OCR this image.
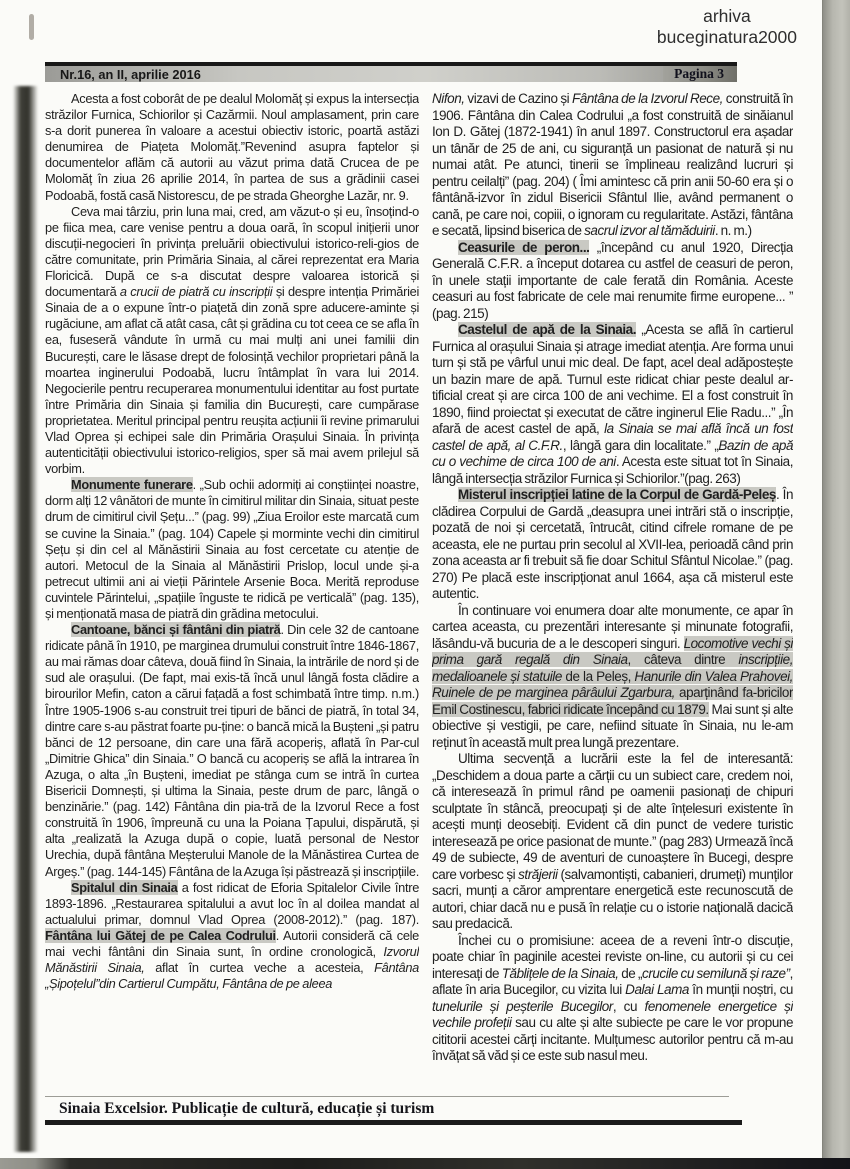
arhiva
buceginatura2000
Nr.16, an II, aprilie 2016	Pagina 3

Acesta a fost coborât de pe dealul Molomăț și expus la intersecția străzilor Furnica, Schiorilor și Cazărmii. Noul amplasament, prin care s-a dorit punerea în valoare a acestui obiectiv istoric, poartă astăzi denumirea de Piațeta Molomăț.”Revenind asupra faptelor și documentelor aflăm că autorii au văzut prima dată Crucea de pe Molomăț în ziua 26 aprilie 2014, în partea de sus a grădinii casei Podoabă, fostă casă Nistorescu, de pe strada Gheorghe Lazăr, nr. 9.

Ceva mai târziu, prin luna mai, cred, am văzut-o și eu, însoțind-o pe fiica mea, care venise pentru a doua oară, în scopul inițierii unor discuții-negocieri în privința preluării obiectivului istorico-reli-gios de către comunitate, prin Primăria Sinaia, al cărei reprezentat era Maria Floricică. După ce s-a discutat despre valoarea istorică și documentară a crucii de piatră cu inscripții și despre intenția Primăriei Sinaia de a o expune într-o piațetă din zonă spre aducere-aminte și rugăciune, am aflat că atât casa, cât și grădina cu tot ceea ce se afla în ea, fuseseră vândute în urmă cu mai mulți ani unei familii din București, care le lăsase drept de folosință vechilor proprietari până la moartea inginerului Podoabă, lucru întâmplat în vara lui 2014. Negocierile pentru recuperarea monumentului identitar au fost purtate între Primăria din Sinaia și familia din București, care cumpărase proprietatea. Meritul principal pentru reușita acțiunii îi revine primarului Vlad Oprea și echipei sale din Primăria Orașului Sinaia. În privința autenticității obiectivului istorico-religios, sper să mai avem prilejul să vorbim.

Monumente funerare. „Sub ochii adormiți ai conștiinței noastre, dorm alți 12 vânători de munte în cimitirul militar din Sinaia, situat peste drum de cimitirul civil Șețu...” (pag. 99) „Ziua Eroilor este marcată cum se cuvine la Sinaia.” (pag. 104) Capele și morminte vechi din cimitirul Șețu și din cel al Mănăstirii Sinaia au fost cercetate cu atenție de autori. Metocul de la Sinaia al Mănăstirii Prislop, locul unde și-a petrecut ultimii ani ai vieții Părintele Arsenie Boca. Merită reproduse cuvintele Părintelui, „spațiile înguste te ridică pe verticală” (pag. 135), și menționată masa de piatră din grădina metocului.

Cantoane, bănci și fântâni din piatră. Din cele 32 de cantoane ridicate până în 1910, pe marginea drumului construit între 1846-1867, au mai rămas doar câteva, două fiind în Sinaia, la intrările de nord și de sud ale orașului. (De fapt, mai exis-tă încă unul lângă fosta clădire a birourilor Mefin, caton a cărui fațadă a fost schimbată între timp. n.m.) Între 1905-1906 s-au construit trei tipuri de bănci de piatră, în total 34, dintre care s-au păstrat foarte pu-ține: o bancă mică la Bușteni „și patru bănci de 12 persoane, din care una fără acoperiș, aflată în Par-cul „Dimitrie Ghica” din Sinaia.” O bancă cu acoperiș se află la intrarea în Azuga, o alta „în Bușteni, imediat pe stânga cum se intră în curtea Bisericii Domnești, și ultima la Sinaia, peste drum de parc, lângă o benzinărie.” (pag. 142) Fântâna din pia-tră de la Izvorul Rece a fost construită în 1906, împreună cu una la Poiana Țapului, dispărută, și alta „realizată la Azuga după o copie, luată personal de Nestor Urechia, după fântâna Meșterului Manole de la Mănăstirea Curtea de Argeș.” (pag. 144-145) Fântâna de la Azuga își păstrează și inscripțiile.

Spitalul din Sinaia a fost ridicat de Eforia Spitalelor Civile între 1893-1896. „Restaurarea spitalului a avut loc în al doilea mandat al actualului primar, domnul Vlad Oprea (2008-2012).” (pag. 187). Fântâna lui Gătej de pe Calea Codrului. Autorii consideră că cele mai vechi fântâni din Sinaia sunt, în ordine cronologică, Izvorul Mănăstirii Sinaia, aflat în curtea veche a acesteia, Fântâna „Șipoțelul”din Cartierul Cumpătu, Fântâna de pe aleea

Nifon, vizavi de Cazino și Fântâna de la Izvorul Rece, construită în 1906. Fântâna din Calea Codrului „a fost construită de sinăianul Ion D. Gătej (1872-1941) în anul 1897. Constructorul era așadar un tânăr de 25 de ani, cu siguranță un pasionat de natură și nu numai atât. Pe atunci, tinerii se împlineau realizând lucruri și pentru ceilalți” (pag. 204) ( Îmi amintesc că prin anii 50-60 era și o fântână-izvor în zidul Bisericii Sfântul Ilie, având permanent o cană, pe care noi, copiii, o ignoram cu regularitate. Astăzi, fântâna e secată, lipsind biserica de sacrul izvor al tămăduirii. n. m.)

Ceasurile de peron... „începând cu anul 1920, Direcția Generală C.F.R. a început dotarea cu astfel de ceasuri de peron, în unele stații importante de cale ferată din România. Aceste ceasuri au fost fabricate de cele mai renumite firme europene... ” (pag. 215)

Castelul de apă de la Sinaia. „Acesta se află în cartierul Furnica al orașului Sinaia și atrage imediat atenția. Are forma unui turn și stă pe vârful unui mic deal. De fapt, acel deal adăpostește un bazin mare de apă. Turnul este ridicat chiar peste dealul ar-tificial creat și are circa 100 de ani vechime. El a fost construit în 1890, fiind proiectat și executat de către inginerul Elie Radu...” „În afară de acest castel de apă, la Sinaia se mai află încă un fost castel de apă, al C.F.R., lângă gara din localitate.” „Bazin de apă cu o vechime de circa 100 de ani. Acesta este situat tot în Sinaia, lângă intersecția străzilor Furnica și Schiorilor.”(pag. 263)

Misterul inscripției latine de la Corpul de Gardă-Peleș. În clădirea Corpului de Gardă „deasupra unei intrări stă o inscripție, pozată de noi și cercetată, întrucât, citind cifrele romane de pe aceasta, ele ne purtau prin secolul al XVII-lea, perioadă când prin zona aceasta ar fi trebuit să fie doar Schitul Sfântul Nicolae.” (pag. 270) Pe placă este inscripționat anul 1664, așa că misterul este autentic.

În continuare voi enumera doar alte monumente, ce apar în cartea aceasta, cu prezentări interesante și minunate fotografii, lăsându-vă bucuria de a le descoperi singuri. Locomotive vechi și prima gară regală din Sinaia, câteva dintre inscripțiie, medalioanele și statuile de la Peleș, Hanurile din Valea Prahovei, Ruinele de pe marginea pârâului Zgarbura, aparținând fa-bricilor Emil Costinescu, fabrici ridicate începând cu 1879. Mai sunt și alte obiective și vestigii, pe care, nefiind situate în Sinaia, nu le-am reținut în această mult prea lungă prezentare.

Ultima secvență a lucrării este la fel de interesantă: „Deschidem a doua parte a cărții cu un subiect care, credem noi, că interesează în primul rând pe oamenii pasionați de chipuri sculptate în stâncă, preocupați și de alte înțelesuri existente în acești munți deosebiți. Evident că din punct de vedere turistic interesează pe orice pasionat de munte.” (pag 283) Urmează încă 49 de subiecte, 49 de aventuri de cunoaștere în Bucegi, despre care vorbesc și străjerii (salvamontiști, cabanieri, drumeți) munților sacri, munți a căror amprentare energetică este recunoscută de autori, chiar dacă nu e pusă în relație cu o istorie națională dacică sau predacică.

Închei cu o promisiune: aceea de a reveni într-o discuție, poate chiar în paginile acestei reviste on-line, cu autorii și cu cei interesați de Tăblițele de la Sinaia, de „crucile cu semilună și raze”, aflate în aria Bucegilor, cu vizita lui Dalai Lama în munții noștri, cu tunelurile și peșterile Bucegilor, cu fenomenele energetice și vechile profeții sau cu alte și alte subiecte pe care le vor propune cititorii acestei cărți incitante. Mulțumesc autorilor pentru că m-au învățat să văd și ce este sub nasul meu.

Sinaia Excelsior. Publicație de cultură, educație și turism
